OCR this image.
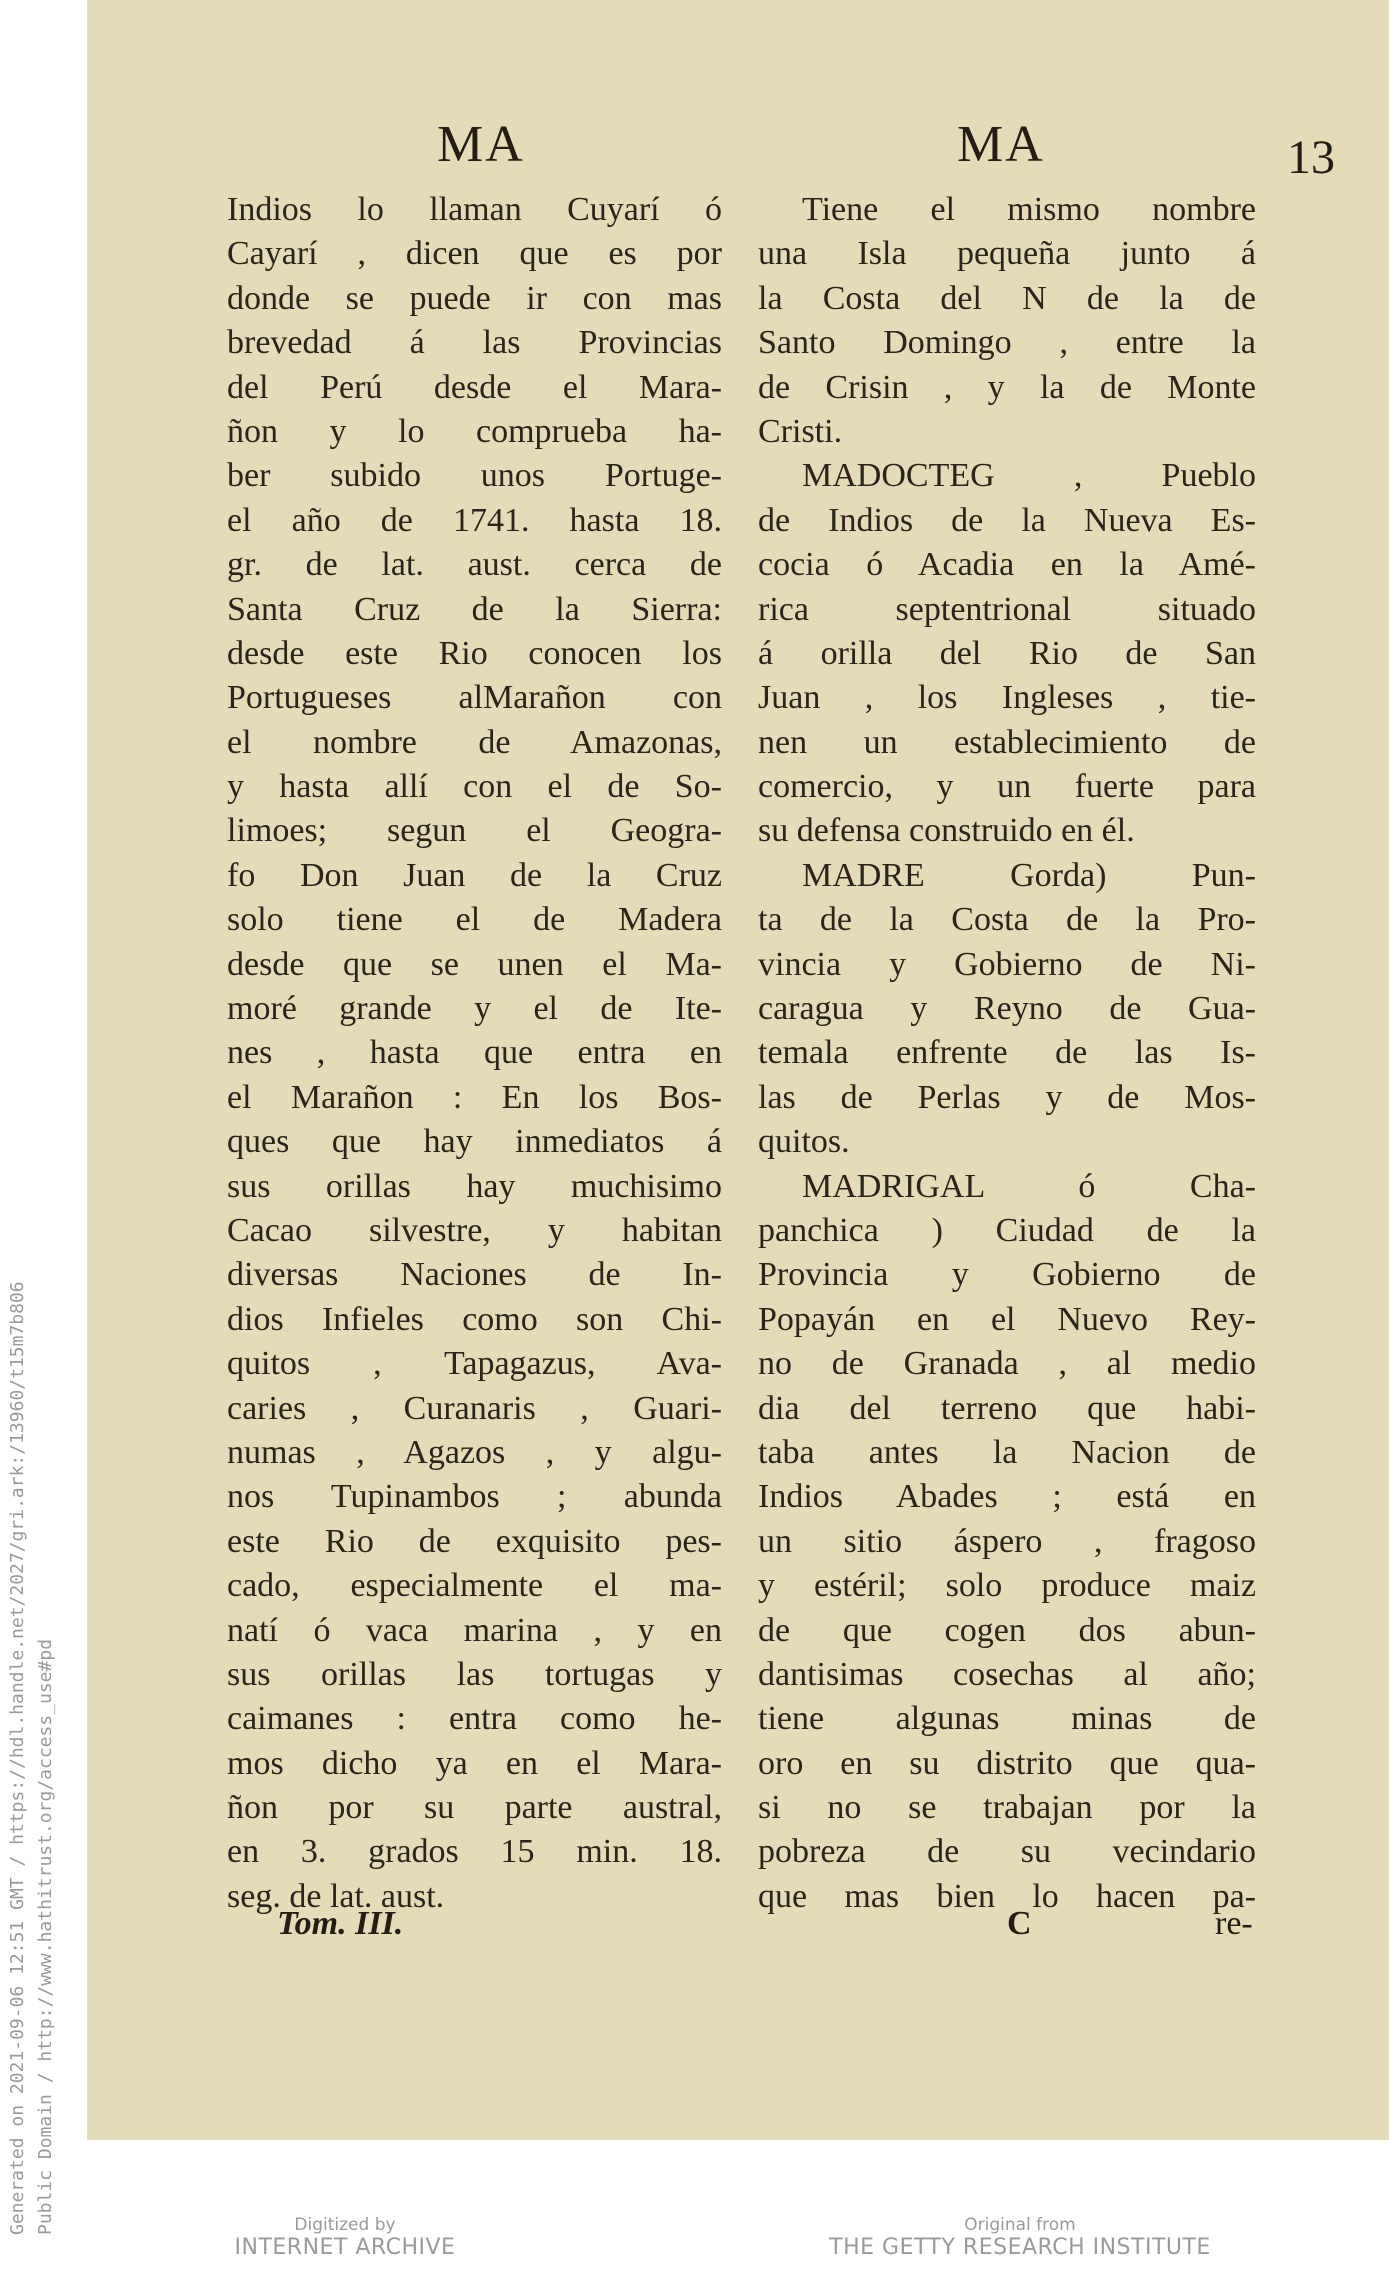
MA	MA	13
Indios lo llaman Cuyarí ó
Cayarí , dicen que es por
donde se puede ir con mas
brevedad á las Provincias
del Perú desde el Mara-
ñon y lo comprueba ha-
ber subido unos Portuge-
el año de 1741. hasta 18.
gr. de lat. aust. cerca de
Santa Cruz de la Sierra:
desde este Rio conocen los
Portugueses alMarañon con
el nombre de Amazonas,
y hasta allí con el de So-
limoes; segun el Geogra-
fo Don Juan de la Cruz
solo tiene el de Madera
desde que se unen el Ma-
moré grande y el de Ite-
nes , hasta que entra en
el Marañon : En los Bos-
ques que hay inmediatos á
sus orillas hay muchisimo
Cacao silvestre, y habitan
diversas Naciones de In-
dios Infieles como son Chi-
quitos , Tapagazus, Ava-
caries , Curanaris , Guari-
numas , Agazos , y algu-
nos Tupinambos ; abunda
este Rio de exquisito pes-
cado, especialmente el ma-
natí ó vaca marina , y en
sus orillas las tortugas y
caimanes : entra como he-
mos dicho ya en el Mara-
ñon por su parte austral,
en 3. grados 15 min. 18.
seg. de lat. aust.
Tiene el mismo nombre
una Isla pequeña junto á
la Costa del N de la de
Santo Domingo , entre la
de Crisin , y la de Monte
Cristi.
MADOCTEG , Pueblo
de Indios de la Nueva Es-
cocia ó Acadia en la Amé-
rica septentrional situado
á orilla del Rio de San
Juan , los Ingleses , tie-
nen un establecimiento de
comercio, y un fuerte para
su defensa construido en él.
MADRE Gorda) Pun-
ta de la Costa de la Pro-
vincia y Gobierno de Ni-
caragua y Reyno de Gua-
temala enfrente de las Is-
las de Perlas y de Mos-
quitos.
MADRIGAL ó Cha-
panchica ) Ciudad de la
Provincia y Gobierno de
Popayán en el Nuevo Rey-
no de Granada , al medio
dia del terreno que habi-
taba antes la Nacion de
Indios Abades ; está en
un sitio áspero , fragoso
y estéril; solo produce maiz
de que cogen dos abun-
dantisimas cosechas al año;
tiene algunas minas de
oro en su distrito que qua-
si no se trabajan por la
pobreza de su vecindario
que mas bien lo hacen pa-
Tom. III.	C	re-
Generated on 2021-09-06 12:51 GMT / https://hdl.handle.net/2027/gri.ark:/13960/t15m7b806 Public Domain / http://www.hathitrust.org/access_use#pd	Digitized by
INTERNET ARCHIVE
Original from
THE GETTY RESEARCH INSTITUTE
